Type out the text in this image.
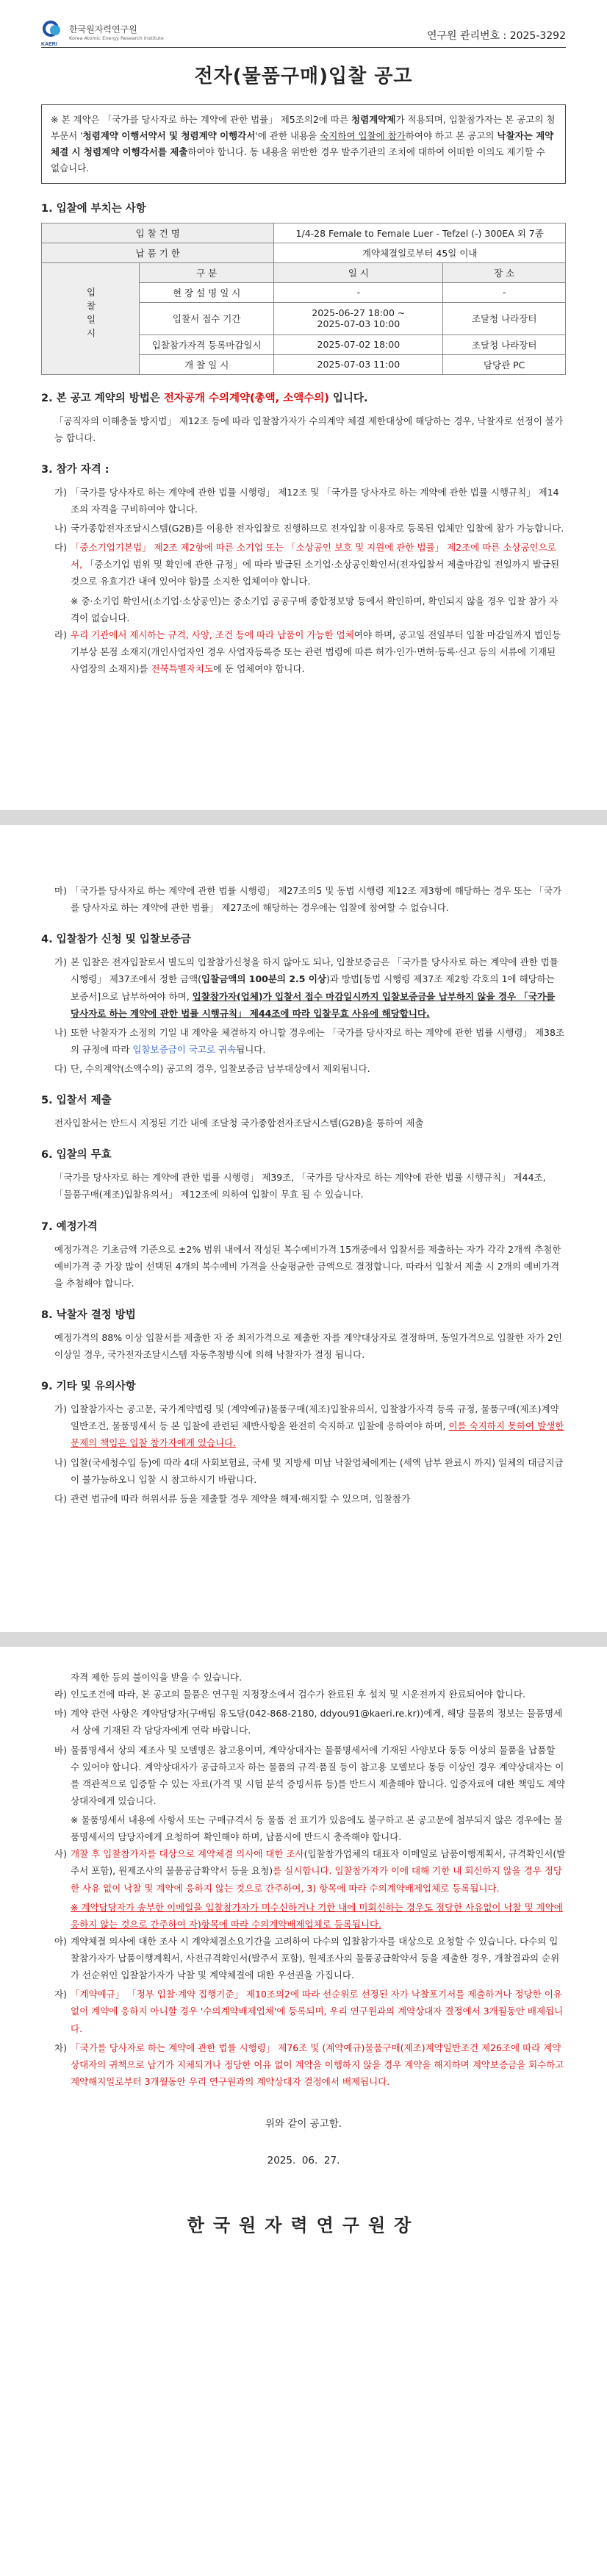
KAERI
한국원자력연구원
Korea Atomic Energy Research Institute	연구원 관리번호 : 2025-3292
전자(물품구매)입찰 공고
※ 본 계약은 「국가를 당사자로 하는 계약에 관한 법률」 제5조의2에 따른 청렴계약제가 적용되며, 입찰참가자는 본 공고의 첨부문서 '청렴계약 이행서약서 및 청렴계약 이행각서'에 관한 내용을 숙지하여 입찰에 참가하여야 하고 본 공고의 낙찰자는 계약체결 시 청렴계약 이행각서를 제출하여야 합니다. 동 내용을 위반한 경우 발주기관의 조치에 대하여 어떠한 이의도 제기할 수 없습니다.
1. 입찰에 부치는 사항
입 찰 건 명		1/4-28 Female to Female Luer - Tefzel (-) 300EA 외 7종	
납 품 기 한		계약체결일로부터 45일 이내	
입찰일시	구 분	일 시	장 소
	현 장 설 명 일 시	-	-
	입찰서 접수 기간	2025-06-27 18:00 ~
2025-07-03 10:00	조달청 나라장터
	입찰참가자격 등록마감일시	2025-07-02 18:00	조달청 나라장터
	개 찰 일 시	2025-07-03 11:00	담당관 PC
2. 본 공고 계약의 방법은 전자공개 수의계약(총액, 소액수의) 입니다.
「공직자의 이해충돌 방지법」 제12조 등에 따라 입찰참가자가 수의계약 체결 제한대상에 해당하는 경우, 낙찰자로 선정이 불가능 합니다.
3. 참가 자격 :
가) 「국가를 당사자로 하는 계약에 관한 법률 시행령」 제12조 및 「국가를 당사자로 하는 계약에 관한 법률 시행규칙」 제14조의 자격을 구비하여야 합니다.
나) 국가종합전자조달시스템(G2B)를 이용한 전자입찰로 진행하므로 전자입찰 이용자로 등록된 업체만 입찰에 참가 가능합니다.
다) 「중소기업기본법」 제2조 제2항에 따른 소기업 또는 「소상공인 보호 및 지원에 관한 법률」 제2조에 따른 소상공인으로서, 「중소기업 범위 및 확인에 관한 규정」에 따라 발급된 소기업·소상공인확인서(전자입찰서 제출마감일 전일까지 발급된 것으로 유효기간 내에 있어야 함)를 소지한 업체여야 합니다.
※ 중·소기업 확인서(소기업·소상공인)는 중소기업 공공구매 종합정보망 등에서 확인하며, 확인되지 않을 경우 입찰 참가 자격이 없습니다.
라) 우리 기관에서 제시하는 규격, 사양, 조건 등에 따라 납품이 가능한 업체여야 하며, 공고일 전일부터 입찰 마감일까지 법인등기부상 본점 소재지(개인사업자인 경우 사업자등록증 또는 관련 법령에 따른 허가·인가·면허·등록·신고 등의 서류에 기재된 사업장의 소재지)를 전북특별자치도에 둔 업체여야 합니다.
마) 「국가를 당사자로 하는 계약에 관한 법률 시행령」 제27조의5 및 동법 시행령 제12조 제3항에 해당하는 경우 또는 「국가를 당사자로 하는 계약에 관한 법률」 제27조에 해당하는 경우에는 입찰에 참여할 수 없습니다.
4. 입찰참가 신청 및 입찰보증금
가) 본 입찰은 전자입찰로서 별도의 입찰참가신청을 하지 않아도 되나, 입찰보증금은 「국가를 당사자로 하는 계약에 관한 법률 시행령」 제37조에서 정한 금액(입찰금액의 100분의 2.5 이상)과 방법[동법 시행령 제37조 제2항 각호의 1에 해당하는 보증서]으로 납부하여야 하며, 입찰참가자(업체)가 입찰서 접수 마감일시까지 입찰보증금을 납부하지 않을 경우 「국가를 당사자로 하는 계약에 관한 법률 시행규칙」 제44조에 따라 입찰무효 사유에 해당합니다.
나) 또한 낙찰자가 소정의 기일 내 계약을 체결하지 아니할 경우에는 「국가를 당사자로 하는 계약에 관한 법률 시행령」 제38조의 규정에 따라 입찰보증금이 국고로 귀속됩니다.
다) 단, 수의계약(소액수의) 공고의 경우, 입찰보증금 납부대상에서 제외됩니다.
5. 입찰서 제출
전자입찰서는 반드시 지정된 기간 내에 조달청 국가종합전자조달시스템(G2B)을 통하여 제출
6. 입찰의 무효
「국가를 당사자로 하는 계약에 관한 법률 시행령」 제39조, 「국가를 당사자로 하는 계약에 관한 법률 시행규칙」 제44조, 「물품구매(제조)입찰유의서」 제12조에 의하여 입찰이 무효 될 수 있습니다.
7. 예정가격
예정가격은 기초금액 기준으로 ±2% 범위 내에서 작성된 복수예비가격 15개중에서 입찰서를 제출하는 자가 각각 2개씩 추첨한 예비가격 중 가장 많이 선택된 4개의 복수예비 가격을 산술평균한 금액으로 결정합니다. 따라서 입찰서 제출 시 2개의 예비가격을 추첨해야 합니다.
8. 낙찰자 결정 방법
예정가격의 88% 이상 입찰서를 제출한 자 중 최저가격으로 제출한 자를 계약대상자로 결정하며, 동일가격으로 입찰한 자가 2인 이상일 경우, 국가전자조달시스템 자동추첨방식에 의해 낙찰자가 결정 됩니다.
9. 기타 및 유의사항
가) 입찰참가자는 공고문, 국가계약법령 및 (계약예규)물품구매(제조)입찰유의서, 입찰참가자격 등록 규정, 물품구매(제조)계약일반조건, 물품명세서 등 본 입찰에 관련된 제반사항을 완전히 숙지하고 입찰에 응하여야 하며, 이를 숙지하지 못하여 발생한 문제의 책임은 입찰 참가자에게 있습니다.
나) 입찰(국세청수입 등)에 따라 4대 사회보험료, 국세 및 지방세 미납 낙찰업체에게는 (세액 납부 완료시 까지) 일체의 대금지급이 불가능하오니 입찰 시 참고하시기 바랍니다.
다) 관련 법규에 따라 허위서류 등을 제출할 경우 계약을 해제·해지할 수 있으며, 입찰참가
자격 제한 등의 불이익을 받을 수 있습니다.
라) 인도조건에 따라, 본 공고의 물품은 연구원 지정장소에서 검수가 완료된 후 설치 및 시운전까지 완료되어야 합니다.
마) 계약 관련 사항은 계약담당자(구매팀 유도담(042-868-2180, ddyou91@kaeri.re.kr))에게, 해당 물품의 정보는 물품명세서 상에 기재된 각 담당자에게 연락 바랍니다.
바) 물품명세서 상의 제조사 및 모델명은 참고용이며, 계약상대자는 물품명세서에 기재된 사양보다 동등 이상의 물품을 납품할 수 있어야 합니다. 계약상대자가 공급하고자 하는 물품의 규격·품질 등이 참고용 모델보다 동등 이상인 경우 계약상대자는 이를 객관적으로 입증할 수 있는 자료(가격 및 시험 분석 증빙서류 등)를 반드시 제출해야 합니다. 입증자료에 대한 책임도 계약상대자에게 있습니다.
※ 물품명세서 내용에 사항서 또는 구매규격서 등 물품 전 표기가 있음에도 불구하고 본 공고문에 첨부되지 않은 경우에는 물품명세서의 담당자에게 요청하여 확인해야 하며, 납품시에 반드시 충족해야 합니다.
사) 개찰 후 입찰참가자를 대상으로 계약체결 의사에 대한 조사(입찰참가업체의 대표자 이메일로 납품이행계획서, 규격확인서(발주서 포함), 원제조사의 물품공급확약서 등을 요청)를 실시합니다. 입찰참가자가 이에 대해 기한 내 회신하지 않을 경우 정당한 사유 없이 낙찰 및 계약에 응하지 않는 것으로 간주하여, 3) 항목에 따라 수의계약배제업체로 등록됩니다.
※ 계약담당자가 송부한 이메일을 입찰참가자가 미수신하거나 기한 내에 미회신하는 경우도 정당한 사유없이 낙찰 및 계약에 응하지 않는 것으로 간주하여 자)항목에 따라 수의계약배제업체로 등록됩니다.
아) 계약체결 의사에 대한 조사 시 계약체결소요기간을 고려하여 다수의 입찰참가자를 대상으로 요청할 수 있습니다. 다수의 입찰참가자가 납품이행계획서, 사전규격확인서(발주서 포함), 원제조사의 물품공급확약서 등을 제출한 경우, 개찰결과의 순위가 선순위인 입찰참가자가 낙찰 및 계약체결에 대한 우선권을 가집니다.
자) 「계약예규」 「정부 입찰·계약 집행기준」 제10조의2에 따라 선순위로 선정된 자가 낙찰포기서를 제출하거나 정당한 이유 없이 계약에 응하지 아니할 경우 '수의계약배제업체'에 등록되며, 우리 연구원과의 계약상대자 결정에서 3개월동안 배제됩니다.
차) 「국가를 당사자로 하는 계약에 관한 법률 시행령」 제76조 및 (계약예규)물품구매(제조)계약일반조건 제26조에 따라 계약상대자의 귀책으로 납기가 지체되거나 정당한 이유 없이 계약을 이행하지 않을 경우 계약을 해지하며 계약보증금을 회수하고 계약해지일로부터 3개월동안 우리 연구원과의 계약상대자 결정에서 배제됩니다.
위와 같이 공고함.
2025.  06.  27.
한국원자력연구원장
